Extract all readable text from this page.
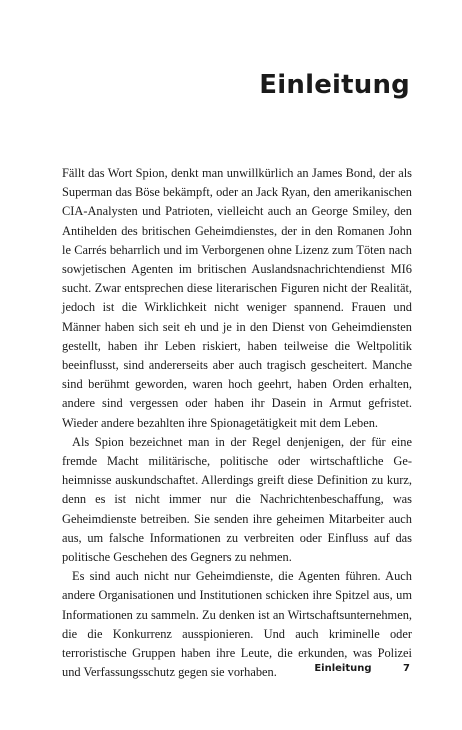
Einleitung

Fällt das Wort Spion, denkt man unwillkürlich an James Bond, der als Superman das Böse bekämpft, oder an Jack Ryan, den amerikanischen CIA-Analysten und Patrioten, vielleicht auch an George Smiley, den Antihelden des britischen Geheimdienstes, der in den Romanen John le Carrés beharrlich und im Verborgenen ohne Lizenz zum Töten nach sowjetischen Agenten im britischen Auslandsnachrichtendienst MI6 sucht. Zwar entsprechen diese literarischen Figuren nicht der Realität, jedoch ist die Wirklichkeit nicht weniger spannend. Frauen und Männer haben sich seit eh und je in den Dienst von Geheimdiensten gestellt, haben ihr Leben riskiert, haben teilweise die Weltpolitik beeinflusst, sind andererseits aber auch tragisch gescheitert. Manche sind berühmt geworden, waren hoch geehrt, haben Orden erhalten, andere sind vergessen oder haben ihr Dasein in Armut gefristet. Wieder andere bezahlten ihre Spionagetätigkeit mit dem Leben.

Als Spion bezeichnet man in der Regel denjenigen, der für eine fremde Macht militärische, politische oder wirtschaftliche Geheimnisse auskundschaftet. Allerdings greift diese Definition zu kurz, denn es ist nicht immer nur die Nachrichtenbeschaffung, was Geheimdienste betreiben. Sie senden ihre geheimen Mitarbeiter auch aus, um falsche Informationen zu verbreiten oder Einfluss auf das politische Geschehen des Gegners zu nehmen.

Es sind auch nicht nur Geheimdienste, die Agenten führen. Auch andere Organisationen und Institutionen schicken ihre Spitzel aus, um Informationen zu sammeln. Zu denken ist an Wirtschaftsunternehmen, die die Konkurrenz ausspionieren. Und auch kriminelle oder terroristische Gruppen haben ihre Leute, die erkunden, was Polizei und Verfassungsschutz gegen sie vorhaben.	Einleitung	7
